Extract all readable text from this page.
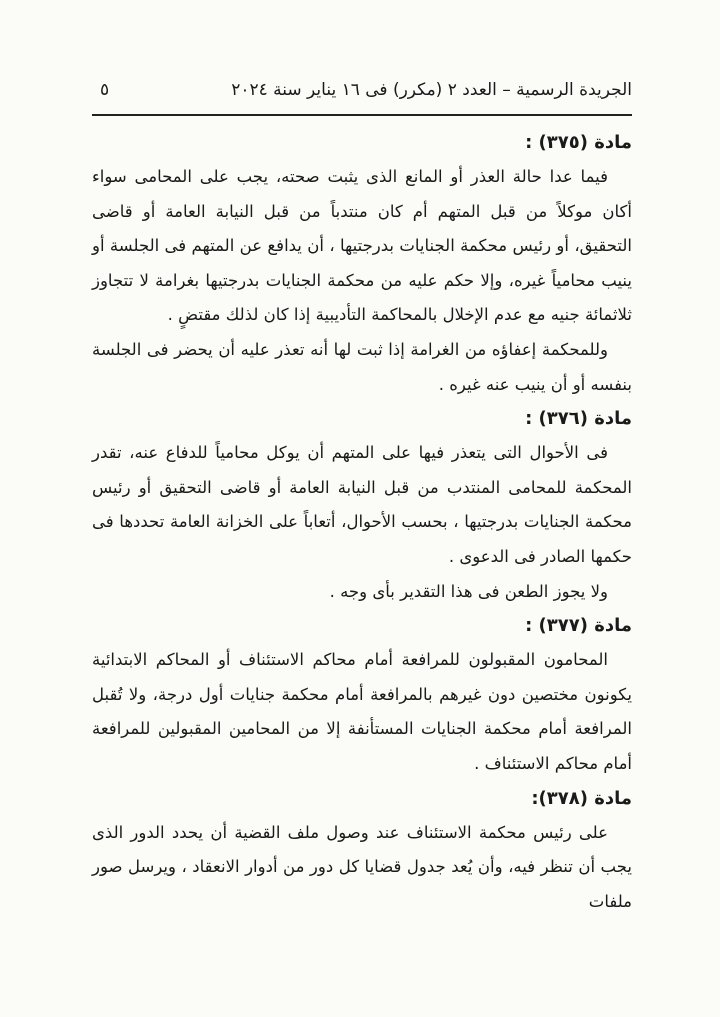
الجريدة الرسمية – العدد ٢ (مكرر) فى ١٦ يناير سنة ٢٠٢٤
٥
مادة (٣٧٥) :

فيما عدا حالة العذر أو المانع الذى يثبت صحته، يجب على المحامى سواء أكان موكلاً من قبل المتهم أم كان منتدباً من قبل النيابة العامة أو قاضى التحقيق، أو رئيس محكمة الجنايات بدرجتيها ، أن يدافع عن المتهم فى الجلسة أو ينيب محامياً غيره، وإلا حكم عليه من محكمة الجنايات بدرجتيها بغرامة لا تتجاوز ثلاثمائة جنيه مع عدم الإخلال بالمحاكمة التأديبية إذا كان لذلك مقتضٍ .

وللمحكمة إعفاؤه من الغرامة إذا ثبت لها أنه تعذر عليه أن يحضر فى الجلسة بنفسه أو أن ينيب عنه غيره .

مادة (٣٧٦) :

فى الأحوال التى يتعذر فيها على المتهم أن يوكل محامياً للدفاع عنه، تقدر المحكمة للمحامى المنتدب من قبل النيابة العامة أو قاضى التحقيق أو رئيس محكمة الجنايات بدرجتيها ، بحسب الأحوال، أتعاباً على الخزانة العامة تحددها فى حكمها الصادر فى الدعوى .

ولا يجوز الطعن فى هذا التقدير بأى وجه .

مادة (٣٧٧) :

المحامون المقبولون للمرافعة أمام محاكم الاستئناف أو المحاكم الابتدائية يكونون مختصين دون غيرهم بالمرافعة أمام محكمة جنايات أول درجة، ولا تُقبل المرافعة أمام محكمة الجنايات المستأنفة إلا من المحامين المقبولين للمرافعة أمام محاكم الاستئناف .

مادة (٣٧٨):

على رئيس محكمة الاستئناف عند وصول ملف القضية أن يحدد الدور الذى يجب أن تنظر فيه، وأن يُعد جدول قضايا كل دور من أدوار الانعقاد ، ويرسل صور ملفات
